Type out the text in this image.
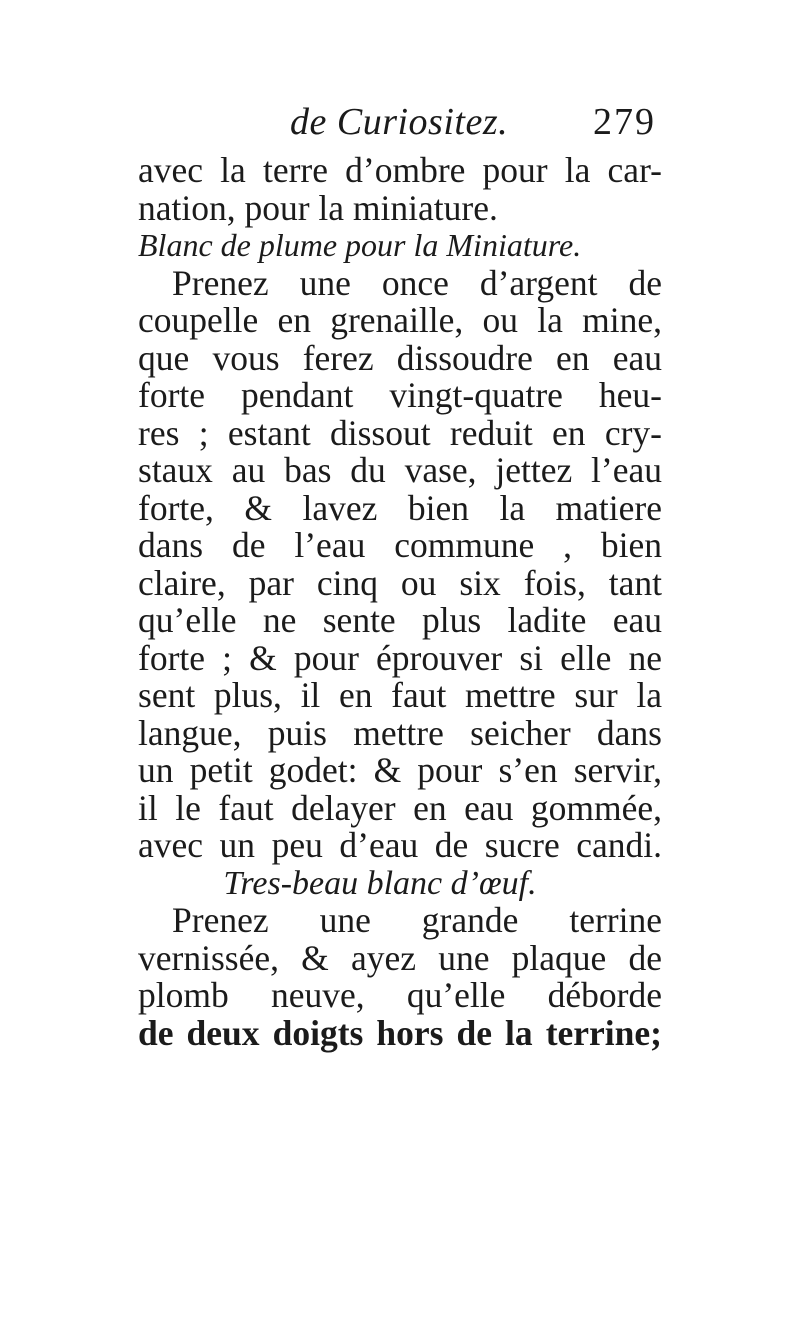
de Curiositez. 279
avec la terre d’ombre pour la car-
nation, pour la miniature.
Blanc de plume pour la Miniature.
Prenez une once d’argent de
coupelle en grenaille, ou la mine,
que vous ferez dissoudre en eau
forte pendant vingt-quatre heu-
res ; estant dissout reduit en cry-
staux au bas du vase, jettez l’eau
forte, & lavez bien la matiere
dans de l’eau commune , bien
claire, par cinq ou six fois, tant
qu’elle ne sente plus ladite eau
forte ; & pour éprouver si elle ne
sent plus, il en faut mettre sur la
langue, puis mettre seicher dans
un petit godet: & pour s’en servir,
il le faut delayer en eau gommée,
avec un peu d’eau de sucre candi.
Tres-beau blanc d’œuf.
Prenez une grande terrine
vernissée, & ayez une plaque de
plomb neuve, qu’elle déborde
de deux doigts hors de la terrine;
